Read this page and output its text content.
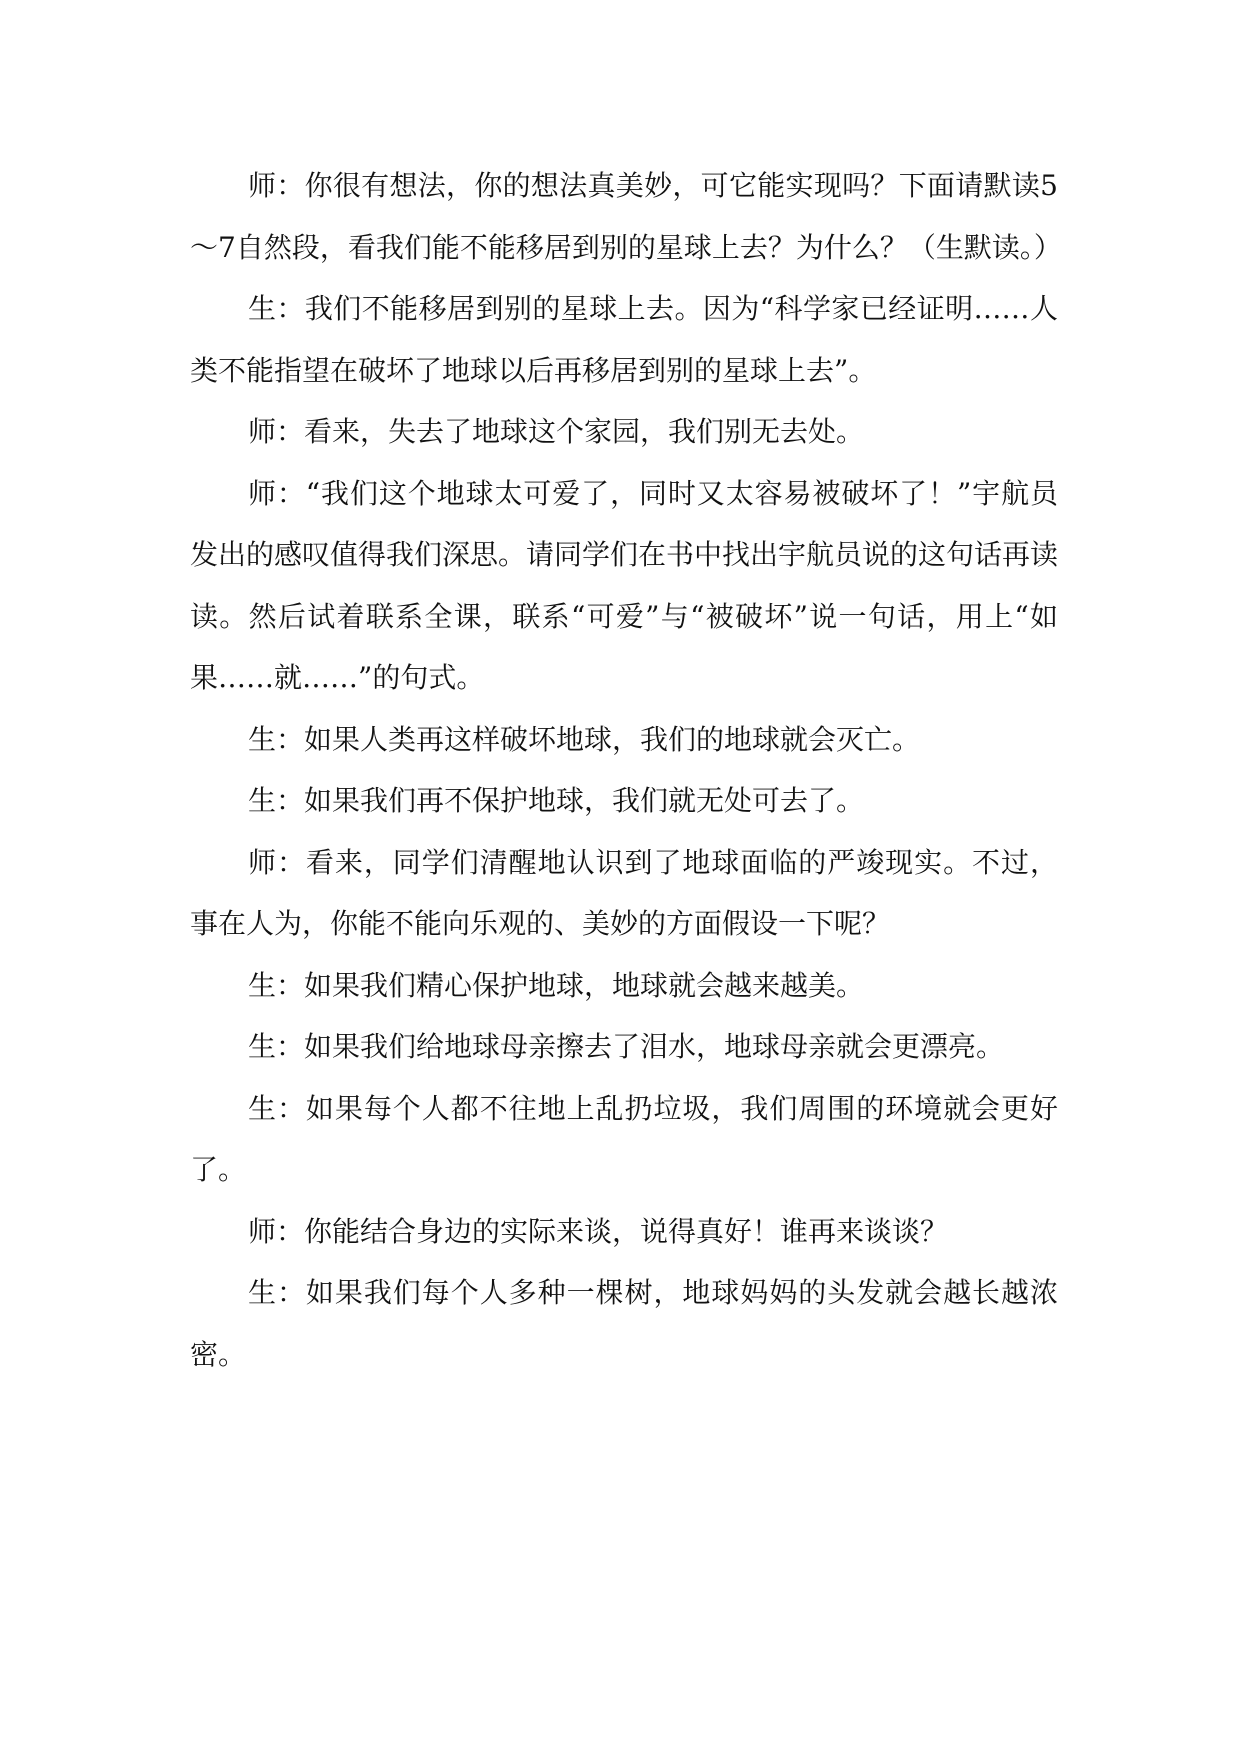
师：你很有想法，你的想法真美妙，可它能实现吗？下面请默读5～7自然段，看我们能不能移居到别的星球上去？为什么？（生默读。）

生：我们不能移居到别的星球上去。因为“科学家已经证明……人类不能指望在破坏了地球以后再移居到别的星球上去”。

师：看来，失去了地球这个家园，我们别无去处。

师：“我们这个地球太可爱了，同时又太容易被破坏了！”宇航员发出的感叹值得我们深思。请同学们在书中找出宇航员说的这句话再读读。然后试着联系全课，联系“可爱”与“被破坏”说一句话，用上“如果……就……”的句式。

生：如果人类再这样破坏地球，我们的地球就会灭亡。

生：如果我们再不保护地球，我们就无处可去了。

师：看来，同学们清醒地认识到了地球面临的严竣现实。不过，事在人为，你能不能向乐观的、美妙的方面假设一下呢？

生：如果我们精心保护地球，地球就会越来越美。

生：如果我们给地球母亲擦去了泪水，地球母亲就会更漂亮。

生：如果每个人都不往地上乱扔垃圾，我们周围的环境就会更好了。

师：你能结合身边的实际来谈，说得真好！谁再来谈谈？

生：如果我们每个人多种一棵树，地球妈妈的头发就会越长越浓密。
